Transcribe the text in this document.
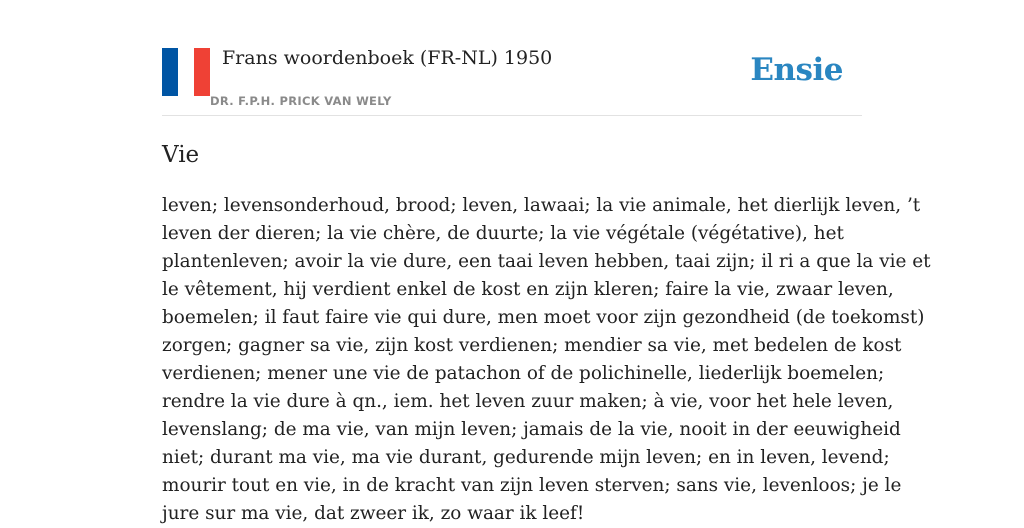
Frans woordenboek (FR-NL) 1950
DR. F.P.H. PRICK VAN WELY
Ensie
Vie
leven; levensonderhoud, brood; leven, lawaai; la vie animale, het dierlijk leven, ’t
leven der dieren; la vie chère, de duurte; la vie végétale (végétative), het
plantenleven; avoir la vie dure, een taai leven hebben, taai zijn; il ri a que la vie et
le vêtement, hij verdient enkel de kost en zijn kleren; faire la vie, zwaar leven,
boemelen; il faut faire vie qui dure, men moet voor zijn gezondheid (de toekomst)
zorgen; gagner sa vie, zijn kost verdienen; mendier sa vie, met bedelen de kost
verdienen; mener une vie de patachon of de polichinelle, liederlijk boemelen;
rendre la vie dure à qn., iem. het leven zuur maken; à vie, voor het hele leven,
levenslang; de ma vie, van mijn leven; jamais de la vie, nooit in der eeuwigheid
niet; durant ma vie, ma vie durant, gedurende mijn leven; en in leven, levend;
mourir tout en vie, in de kracht van zijn leven sterven; sans vie, levenloos; je le
jure sur ma vie, dat zweer ik, zo waar ik leef!
